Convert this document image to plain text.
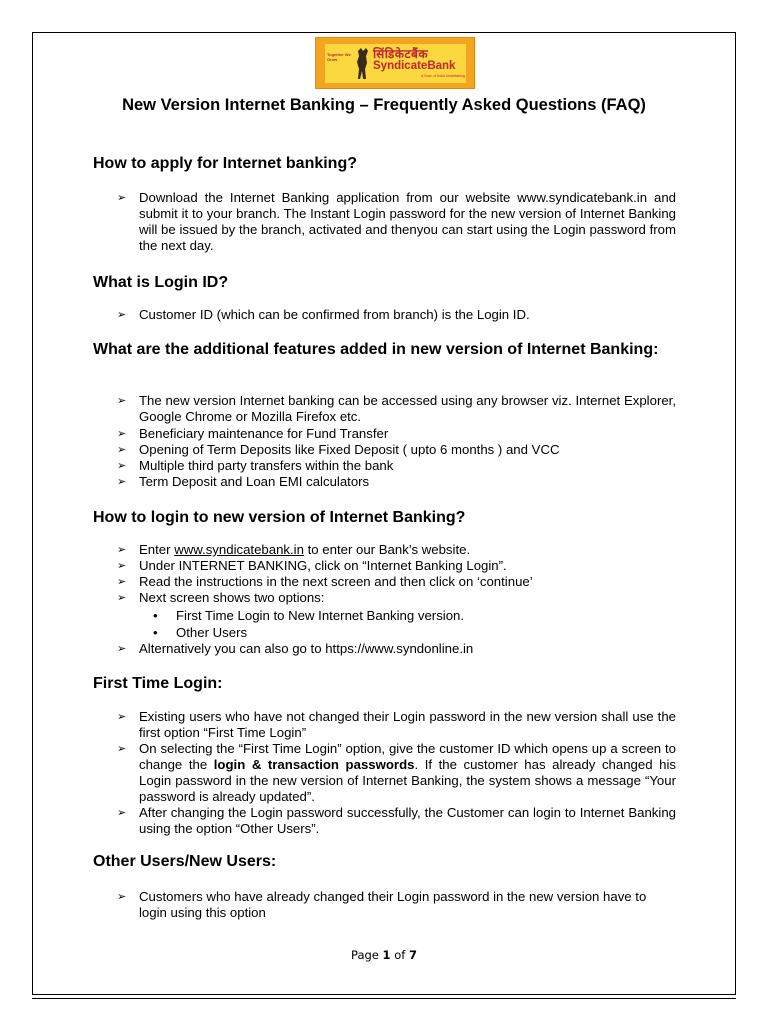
Together We Grow	सिंडिकेटबैंक
SyndicateBank
A Govt. of India Undertaking
New Version Internet Banking – Frequently Asked Questions (FAQ)
How to apply for Internet banking?
➢ Download the Internet Banking application from our website www.syndicatebank.in and submit it to your branch. The Instant Login password for the new version of Internet Banking will be issued by the branch, activated and thenyou can start using the Login password from the next day.
What is Login ID?
➢ Customer ID (which can be confirmed from branch) is the Login ID.
What are the additional features added in new version of Internet Banking:
➢ The new version Internet banking can be accessed using any browser viz. Internet Explorer, Google Chrome or Mozilla Firefox etc.
➢ Beneficiary maintenance for Fund Transfer
➢ Opening of Term Deposits like Fixed Deposit ( upto 6 months ) and VCC
➢ Multiple third party transfers within the bank
➢ Term Deposit and Loan EMI calculators
How to login to new version of Internet Banking?
➢ Enter www.syndicatebank.in to enter our Bank’s website.
➢ Under INTERNET BANKING, click on “Internet Banking Login”.
➢ Read the instructions in the next screen and then click on ‘continue’
➢ Next screen shows two options:
• First Time Login to New Internet Banking version.
• Other Users
➢ Alternatively you can also go to https://www.syndonline.in
First Time Login:
➢ Existing users who have not changed their Login password in the new version shall use the first option “First Time Login”
➢ On selecting the “First Time Login” option, give the customer ID which opens up a screen to change the login & transaction passwords. If the customer has already changed his Login password in the new version of Internet Banking, the system shows a message “Your password is already updated”.
➢ After changing the Login password successfully, the Customer can login to Internet Banking using the option “Other Users”.
Other Users/New Users:
➢ Customers who have already changed their Login password in the new version have to login using this option
Page 1 of 7
